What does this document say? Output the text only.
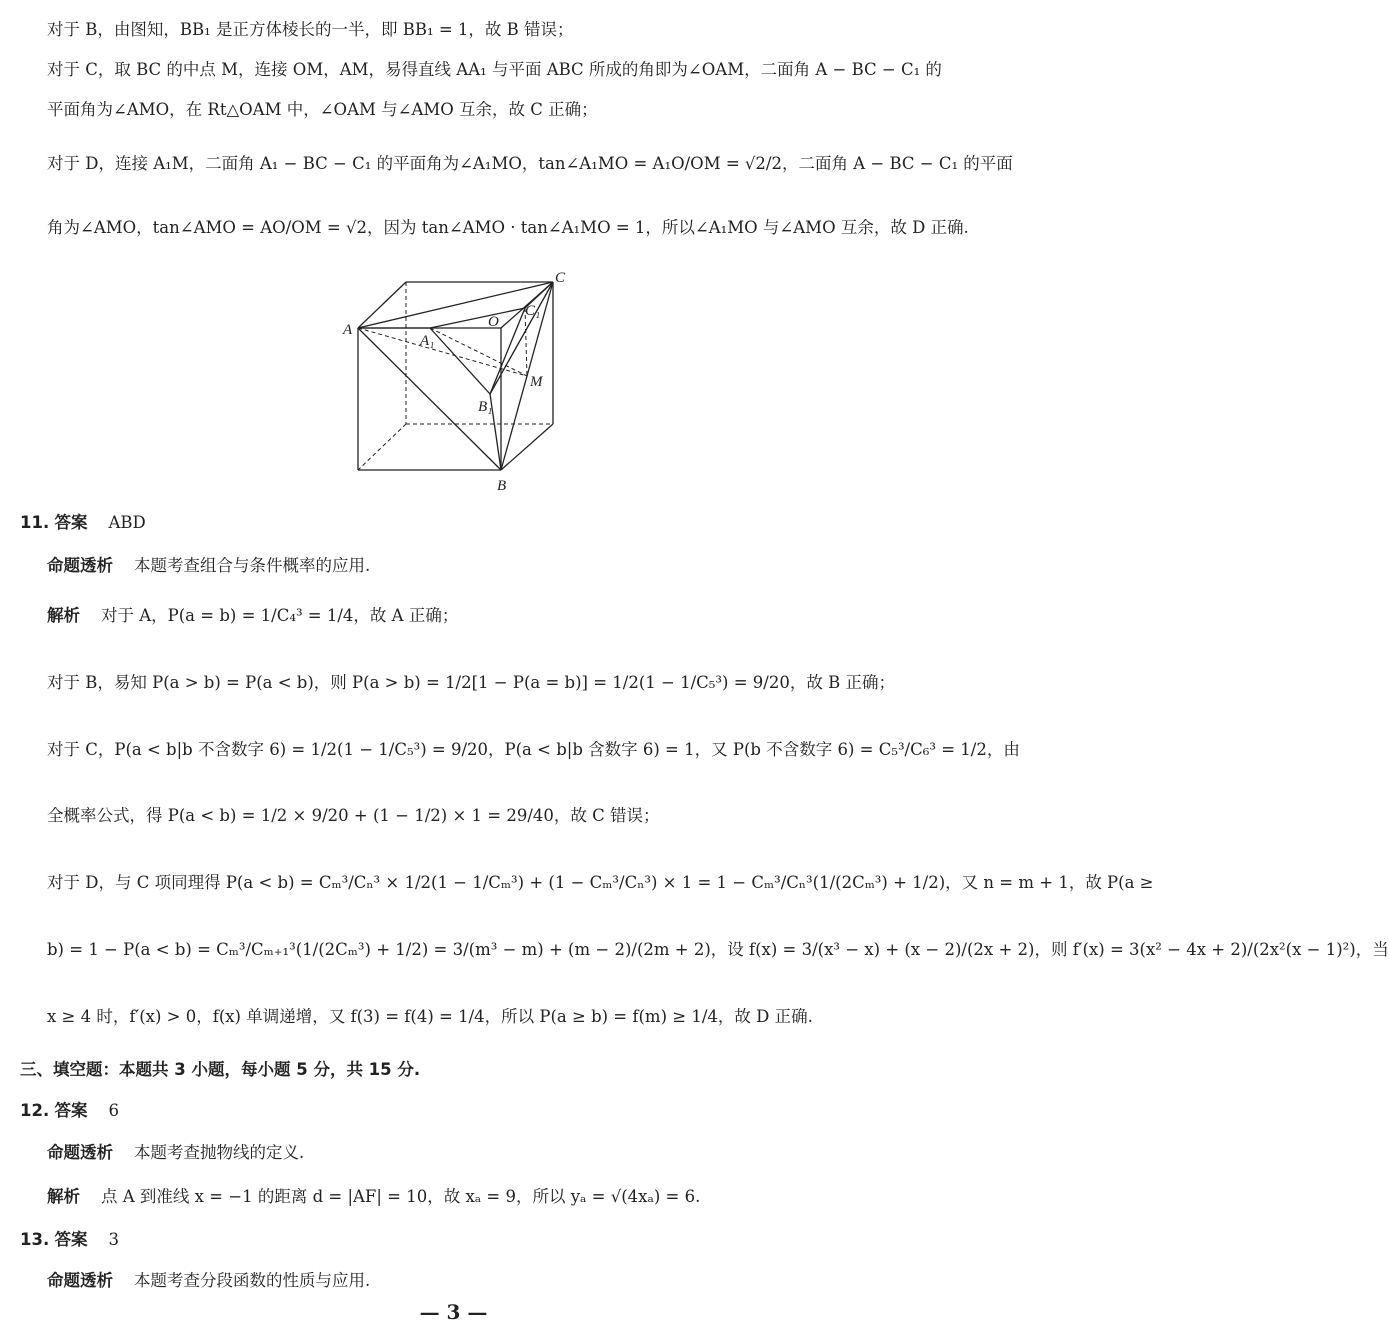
对于 B，由图知，BB₁ 是正方体棱长的一半，即 BB₁ = 1，故 B 错误；
对于 C，取 BC 的中点 M，连接 OM，AM，易得直线 AA₁ 与平面 ABC 所成的角即为∠OAM，二面角 A − BC − C₁ 的
平面角为∠AMO，在 Rt△OAM 中，∠OAM 与∠AMO 互余，故 C 正确；
对于 D，连接 A₁M，二面角 A₁ − BC − C₁ 的平面角为∠A₁MO，tan∠A₁MO = A₁O/OM = √2/2，二面角 A − BC − C₁ 的平面
角为∠AMO，tan∠AMO = AO/OM = √2，因为 tan∠AMO · tan∠A₁MO = 1，所以∠A₁MO 与∠AMO 互余，故 D 正确.
A
C
O
C₁
A₁
M
B₁
B
11. 答案 ABD
命题透析 本题考查组合与条件概率的应用.
解析 对于 A，P(a = b) = 1/C₄³ = 1/4，故 A 正确；
对于 B，易知 P(a > b) = P(a < b)，则 P(a > b) = 1/2[1 − P(a = b)] = 1/2(1 − 1/C₅³) = 9/20，故 B 正确；
对于 C，P(a < b|b 不含数字 6) = 1/2(1 − 1/C₅³) = 9/20，P(a < b|b 含数字 6) = 1，又 P(b 不含数字 6) = C₅³/C₆³ = 1/2，由
全概率公式，得 P(a < b) = 1/2 × 9/20 + (1 − 1/2) × 1 = 29/40，故 C 错误；
对于 D，与 C 项同理得 P(a < b) = Cₘ³/Cₙ³ × 1/2(1 − 1/Cₘ³) + (1 − Cₘ³/Cₙ³) × 1 = 1 − Cₘ³/Cₙ³(1/(2Cₘ³) + 1/2)，又 n = m + 1，故 P(a ≥
b) = 1 − P(a < b) = Cₘ³/Cₘ₊₁³(1/(2Cₘ³) + 1/2) = 3/(m³ − m) + (m − 2)/(2m + 2)，设 f(x) = 3/(x³ − x) + (x − 2)/(2x + 2)，则 f′(x) = 3(x² − 4x + 2)/(2x²(x − 1)²)，当
x ≥ 4 时，f′(x) > 0，f(x) 单调递增，又 f(3) = f(4) = 1/4，所以 P(a ≥ b) = f(m) ≥ 1/4，故 D 正确.
三、填空题：本题共 3 小题，每小题 5 分，共 15 分.
12. 答案 6
命题透析 本题考查抛物线的定义.
解析 点 A 到准线 x = −1 的距离 d = |AF| = 10，故 xₐ = 9，所以 yₐ = √(4xₐ) = 6.
13. 答案 3
命题透析 本题考查分段函数的性质与应用.
— 3 —
